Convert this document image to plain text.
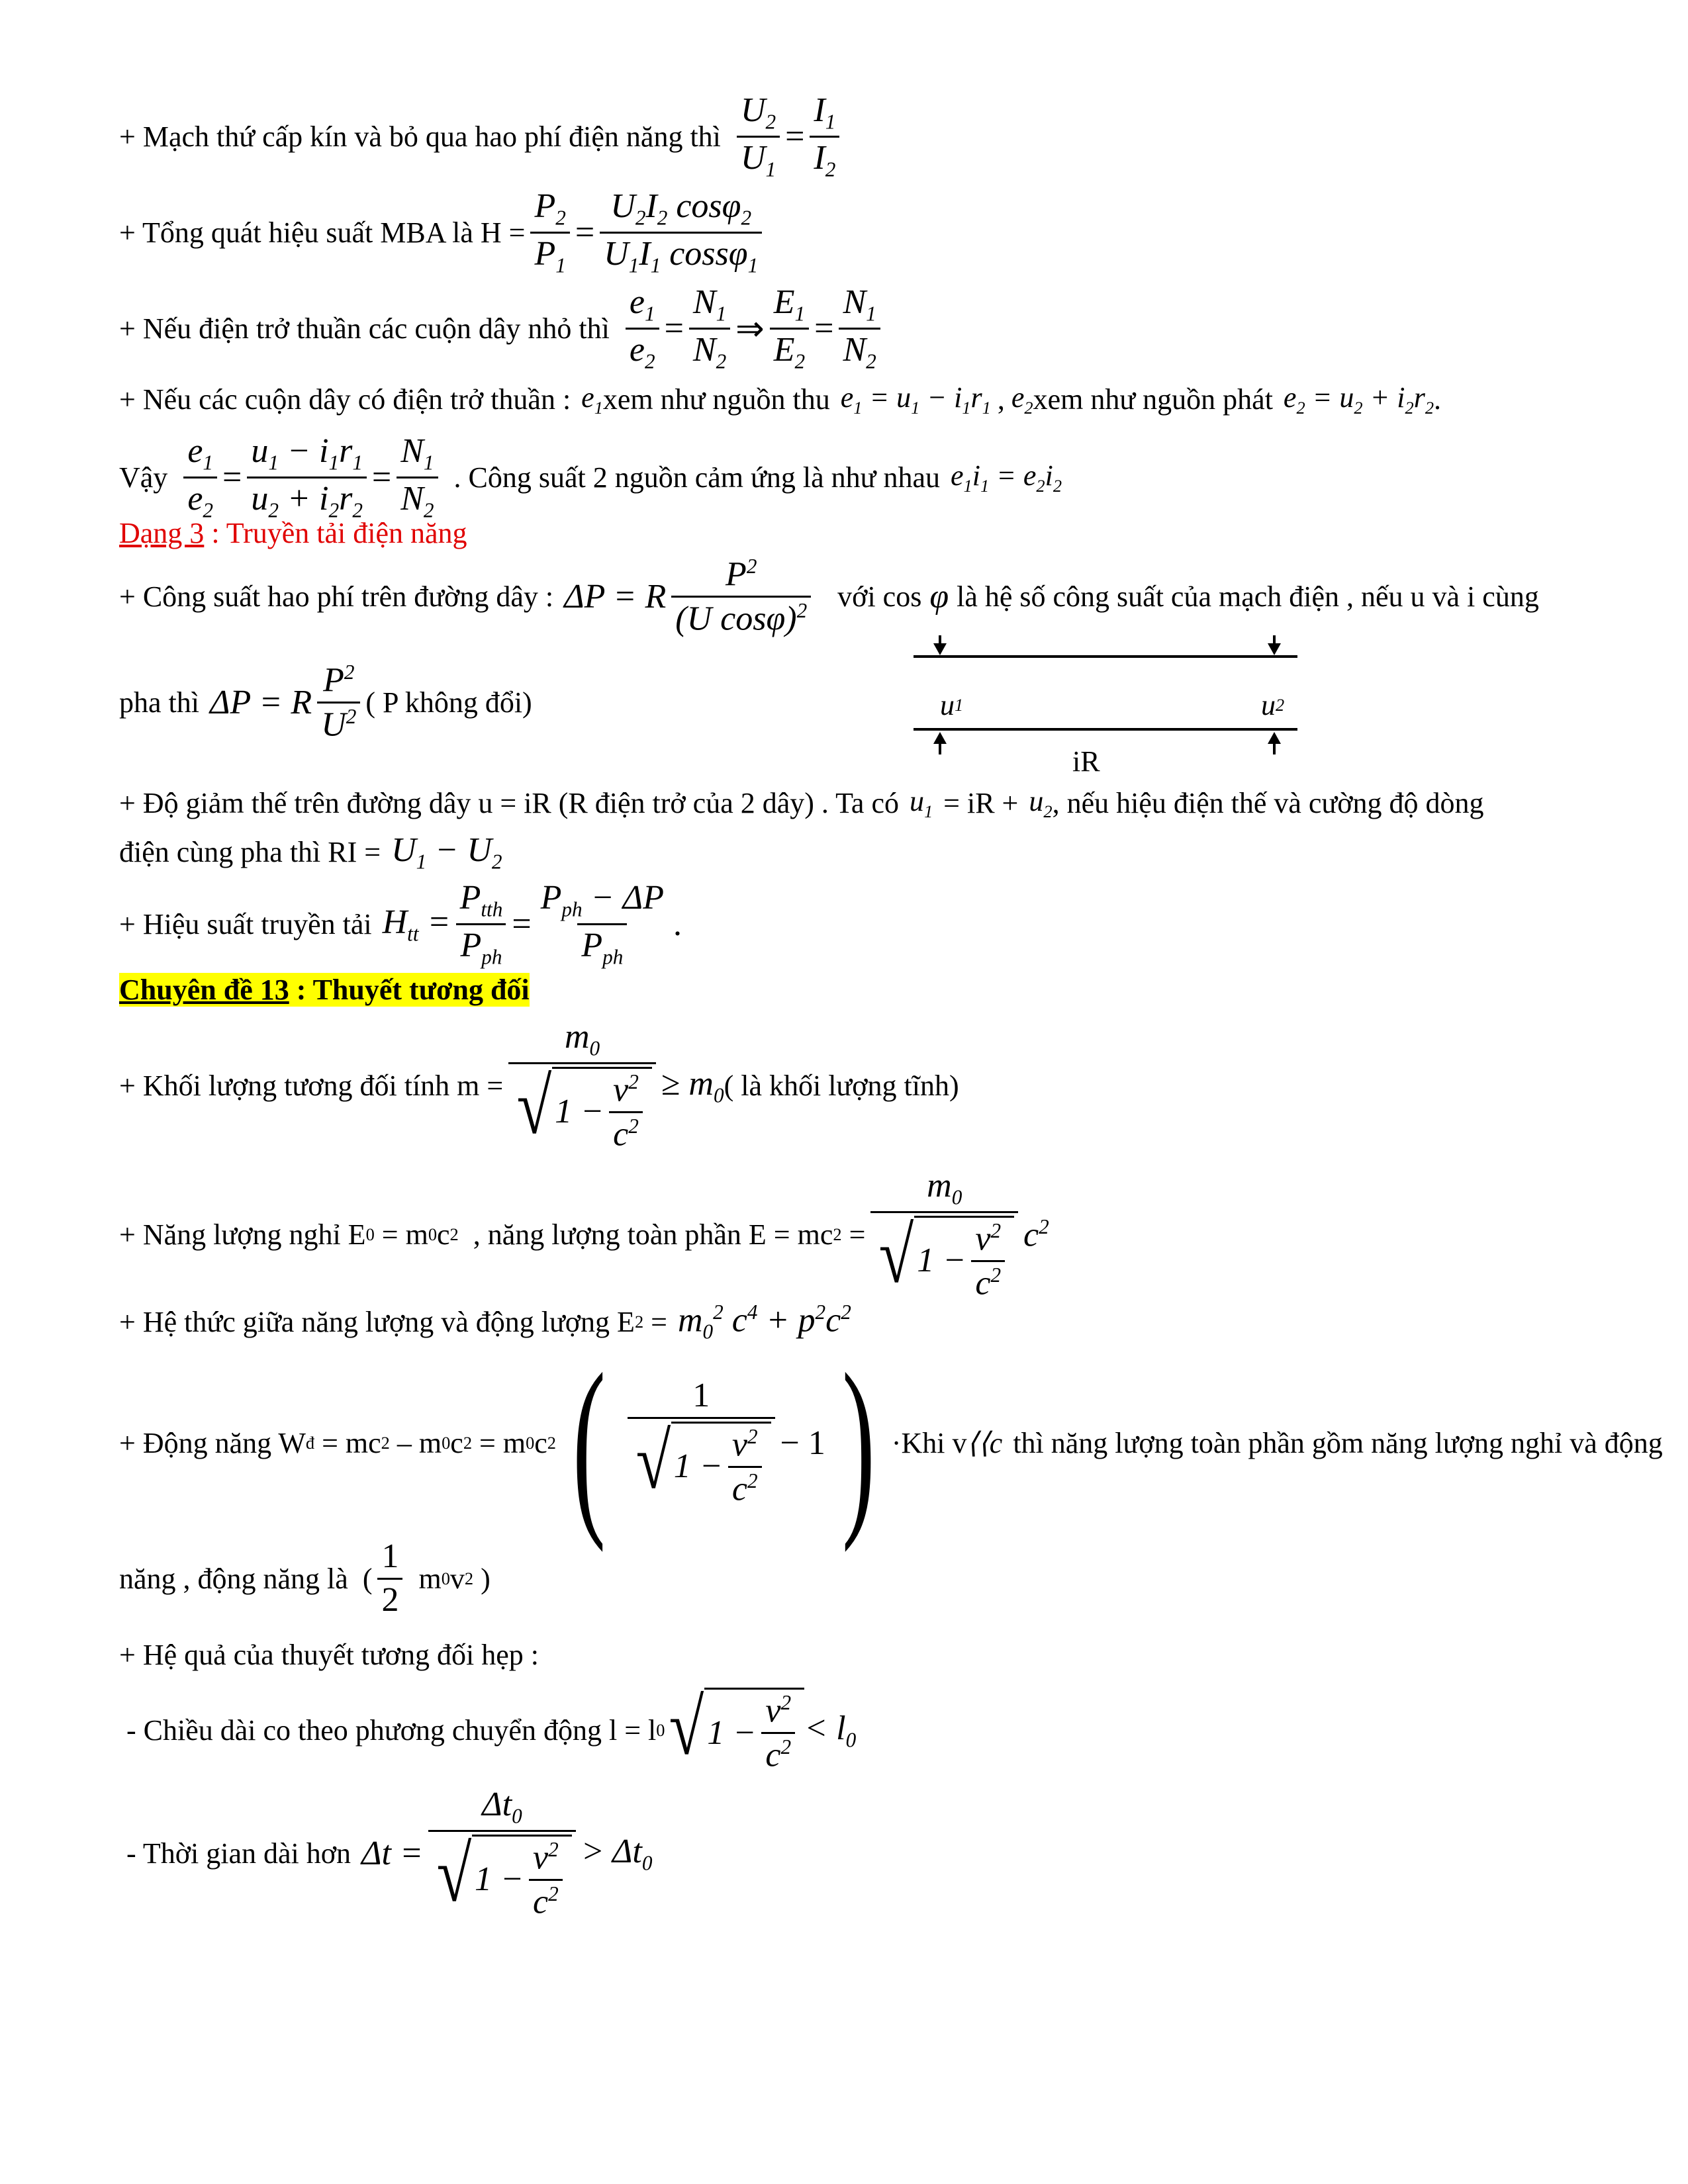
+ Mạch thứ cấp kín và bỏ qua hao phí điện năng thì $\frac{U_2}{U_1} = \frac{I_1}{I_2}$
+ Tổng quát hiệu suất MBA là $H = \frac{P_2}{P_1} = \frac{U_2I_2 \cos\varphi_2}{U_1I_1 \cos s\varphi_1}$
+ Nếu điện trở thuần các cuộn dây nhỏ thì $\frac{e_1}{e_2} = \frac{N_1}{N_2}$ ⇒ $\frac{E_1}{E_2} = \frac{N_1}{N_2}$
+ Nếu các cuộn dây có điện trở thuần : $e_1$ xem như nguồn thu $e_1 = u_1 - i_1r_1$ , $e_2$ xem như nguồn phát $e_2 = u_2 + i_2r_2$ .
Vậy $\frac{e_1}{e_2} = \frac{u_1 - i_1r_1}{u_2 + i_2r_2} = \frac{N_1}{N_2}$ . Công suất 2 nguồn cảm ứng là như nhau $e_1i_1 = e_2i_2$
Dạng 3 : Truyền tải điện năng
+ Công suất hao phí trên đường dây : ΔP = R $\frac{P^2}{(U \cos\varphi)^2}$ với cos φ là hệ số công suất của mạch điện , nếu u và i cùng
pha thì ΔP = R $\frac{P^2}{U^2}$ ( P không đổi)	u 1	u 2
iR
+ Độ giảm thế trên đường dây u = iR (R điện trở của 2 dây) . Ta có $u_1$ = iR + $u_2$ , nếu hiệu điện thế và cường độ dòng
điện cùng pha thì RI = $U_1 - U_2$
+ Hiệu suất truyền tải $H_{tt} = \frac{P_{tth}}{P_{ph}} = \frac{P_{ph} - \Delta P}{P_{ph}}$ .
Chuyên đề 13 : Thuyết tương đối
+ Khối lượng tương đối tính $m = \frac{m_0}{√ 1 - \frac{v^2}{c^2}} \ge m_0$ ( là khối lượng tĩnh)
+ Năng lượng nghỉ E 0 = m 0 c 2 , năng lượng toàn phần E = mc $2 = \frac{m_0}{√ 1 - \frac{v^2}{c^2}} c^2$
+ Hệ thức giữa năng lượng và động lượng E $2 = m_0^2$ $c^4 + p^2c^2$
+ Động năng W đ = mc 2 – m 0 c 2 = m 0 c 2 ( $\frac{1}{√ 1 - \frac{v^2}{c^2}} - 1$ ) · Khi v ⟨⟨c thì năng lượng toàn phần gồm năng lượng nghỉ và động
năng , động năng là  ( $\frac{1}{2}$ m 0 v 2 )
+ Hệ quả của thuyết tương đối hẹp :
- Chiều dài co theo phương chuyển động l = l 0 √ $1 - \frac{v^2}{c^2} < l_0$
- Thời gian dài hơn $\Delta t = \frac{\Delta t_0}{√ 1 - \frac{v^2}{c^2}} > \Delta t_0$
